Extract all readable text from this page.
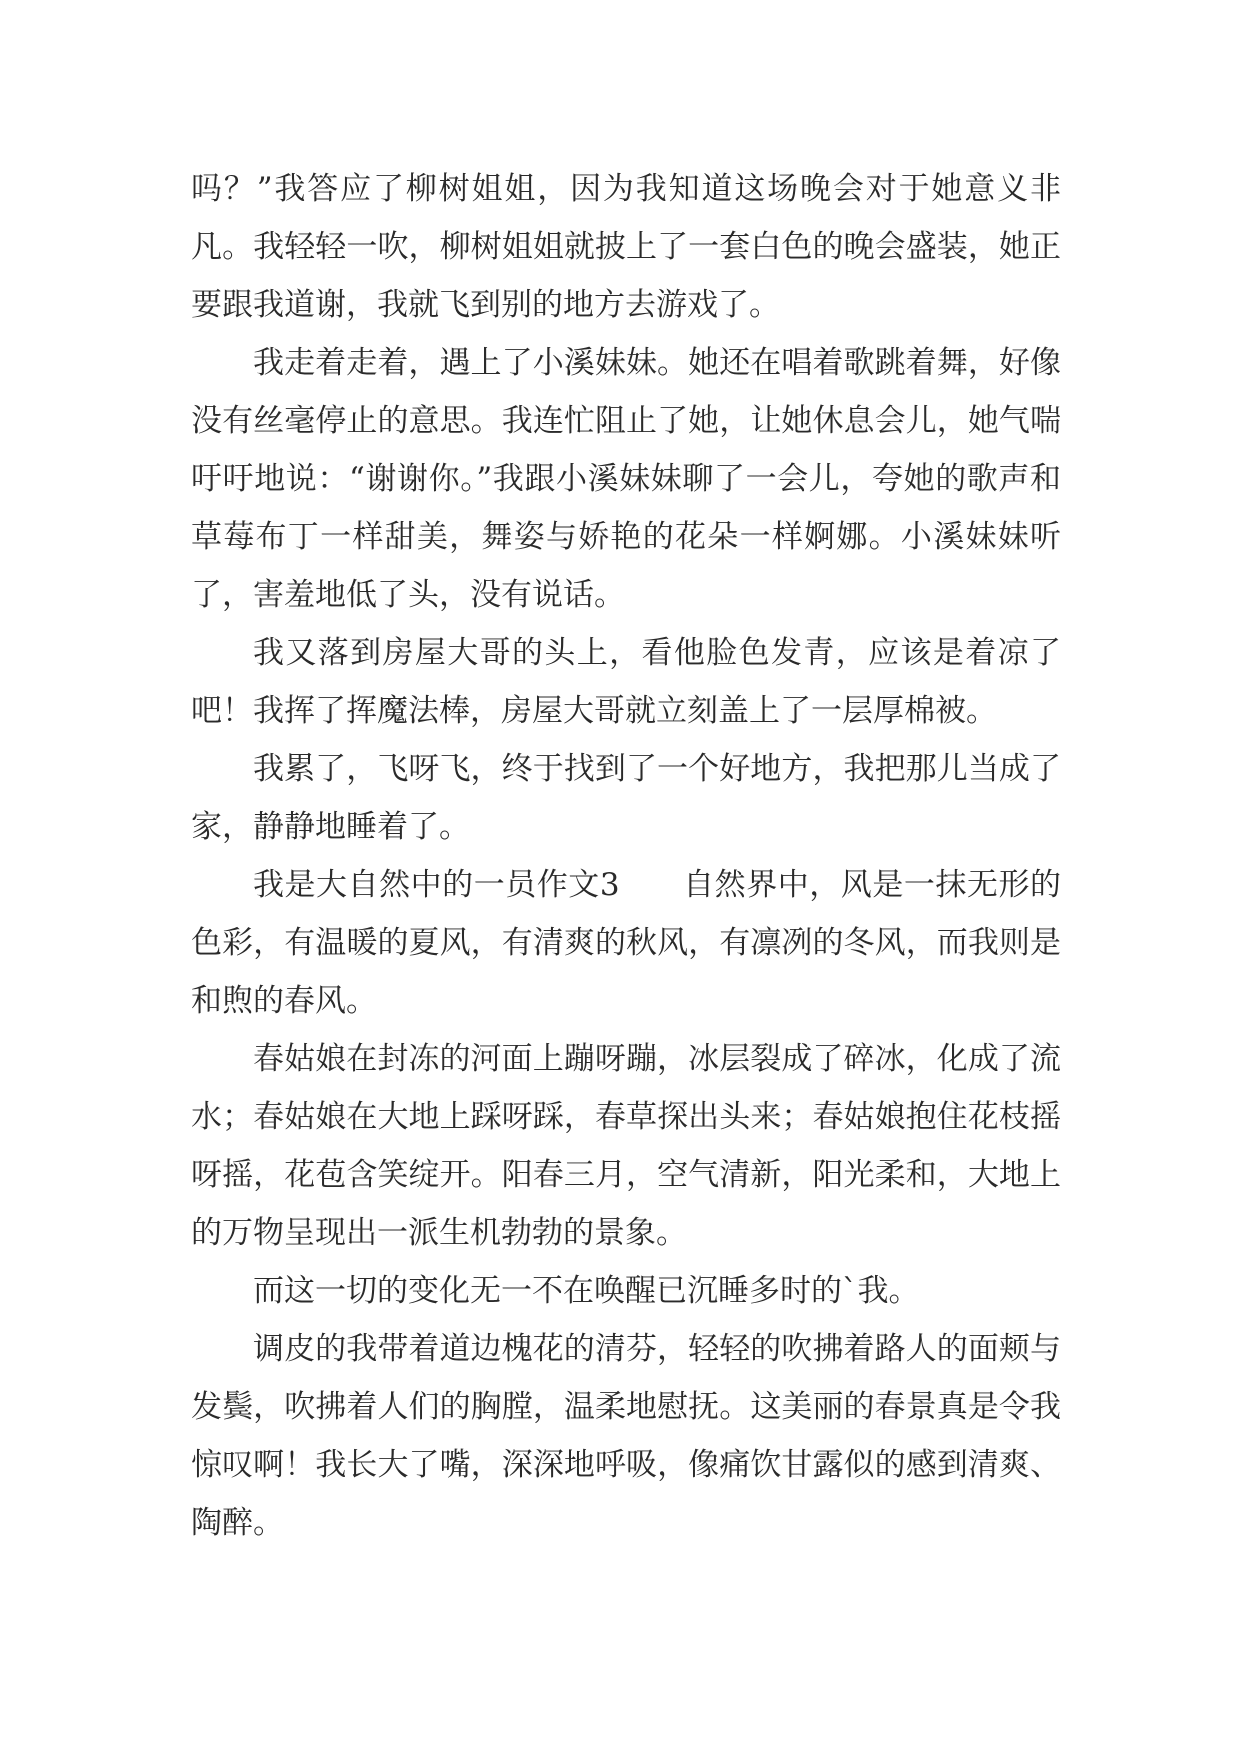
吗？”我答应了柳树姐姐，因为我知道这场晚会对于她意义非凡。我轻轻一吹，柳树姐姐就披上了一套白色的晚会盛装，她正要跟我道谢，我就飞到别的地方去游戏了。

我走着走着，遇上了小溪妹妹。她还在唱着歌跳着舞，好像没有丝毫停止的意思。我连忙阻止了她，让她休息会儿，她气喘吁吁地说：“谢谢你。”我跟小溪妹妹聊了一会儿，夸她的歌声和草莓布丁一样甜美，舞姿与娇艳的花朵一样婀娜。小溪妹妹听了，害羞地低了头，没有说话。

我又落到房屋大哥的头上，看他脸色发青，应该是着凉了吧！我挥了挥魔法棒，房屋大哥就立刻盖上了一层厚棉被。

我累了，飞呀飞，终于找到了一个好地方，我把那儿当成了家，静静地睡着了。

我是大自然中的一员作文3　　自然界中，风是一抹无形的色彩，有温暖的夏风，有清爽的秋风，有凛冽的冬风，而我则是和煦的春风。

春姑娘在封冻的河面上蹦呀蹦，冰层裂成了碎冰，化成了流水；春姑娘在大地上踩呀踩，春草探出头来；春姑娘抱住花枝摇呀摇，花苞含笑绽开。阳春三月，空气清新，阳光柔和，大地上的万物呈现出一派生机勃勃的景象。

而这一切的变化无一不在唤醒已沉睡多时的`我。

调皮的我带着道边槐花的清芬，轻轻的吹拂着路人的面颊与发鬓，吹拂着人们的胸膛，温柔地慰抚。这美丽的春景真是令我惊叹啊！我长大了嘴，深深地呼吸，像痛饮甘露似的感到清爽、陶醉。
